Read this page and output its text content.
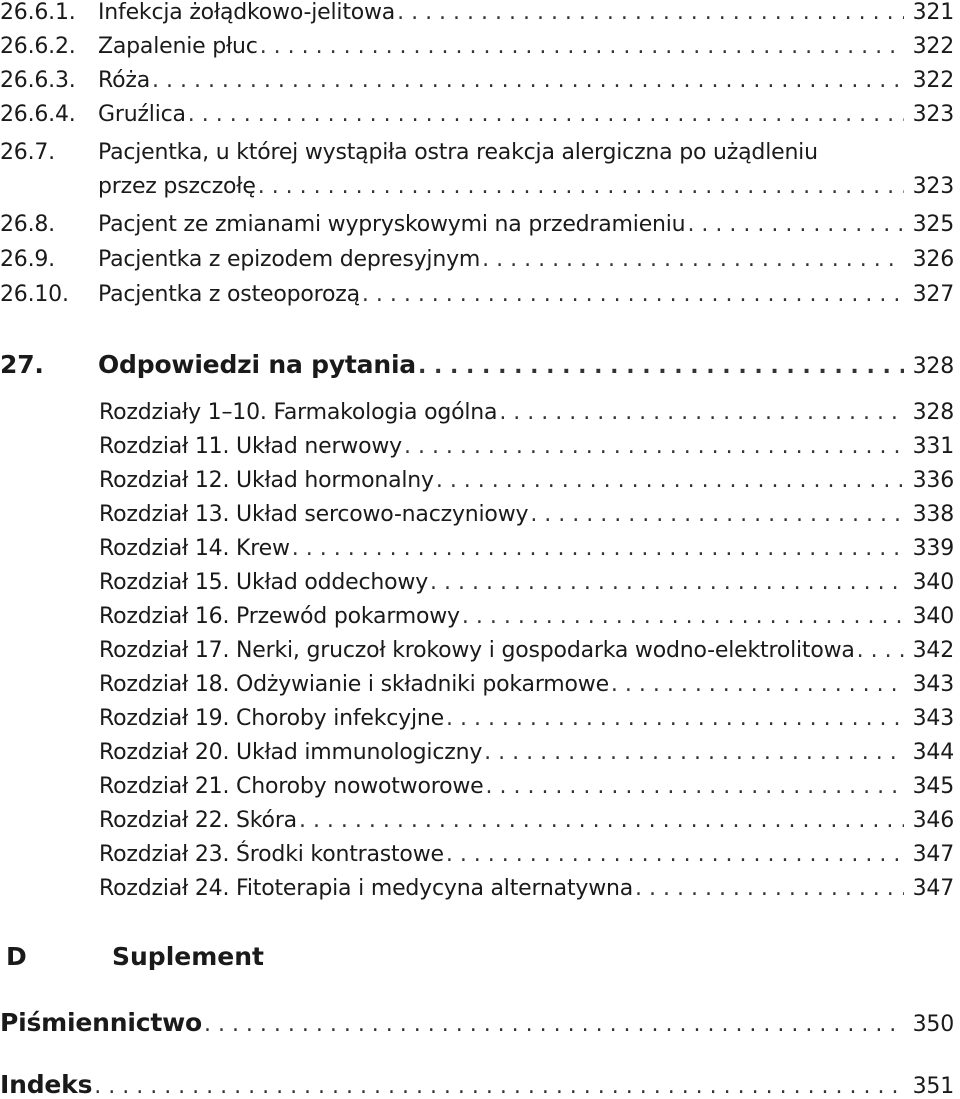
26.6.1.	Infekcja żołądkowo-jelitowa . . .	321
26.6.2.	Zapalenie płuc . . .	322
26.6.3.	Róża . . .	322
26.6.4.	Gruźlica . . .	323
26.7.	Pacjentka, u której wystąpiła ostra reakcja alergiczna po użądleniu
przez pszczołę . . .	323
26.8.	Pacjent ze zmianami wypryskowymi na przedramieniu . . .	325
26.9.	Pacjentka z epizodem depresyjnym . . .	326
26.10.	Pacjentka z osteoporozą . . .	327
27.	Odpowiedzi na pytania . . .	328
Rozdziały 1–10. Farmakologia ogólna . . .	328
Rozdział 11. Układ nerwowy . . .	331
Rozdział 12. Układ hormonalny . . .	336
Rozdział 13. Układ sercowo-naczyniowy . . .	338
Rozdział 14. Krew . . .	339
Rozdział 15. Układ oddechowy . . .	340
Rozdział 16. Przewód pokarmowy . . .	340
Rozdział 17. Nerki, gruczoł krokowy i gospodarka wodno-elektrolitowa . . .	342
Rozdział 18. Odżywianie i składniki pokarmowe . . .	343
Rozdział 19. Choroby infekcyjne . . .	343
Rozdział 20. Układ immunologiczny . . .	344
Rozdział 21. Choroby nowotworowe . . .	345
Rozdział 22. Skóra . . .	346
Rozdział 23. Środki kontrastowe . . .	347
Rozdział 24. Fitoterapia i medycyna alternatywna . . .	347
D	Suplement
Piśmiennictwo . . .	350
Indeks . . .	351
